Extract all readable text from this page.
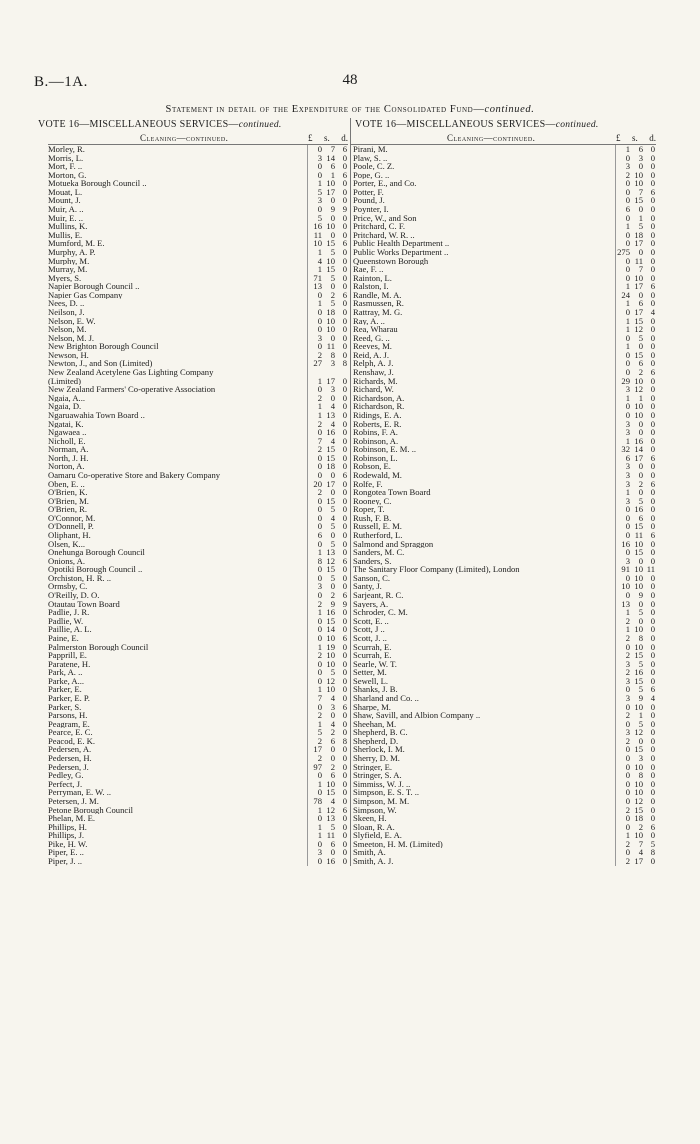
B.—1A.	48
Statement in detail of the Expenditure of the Consolidated Fund—continued.
VOTE 16—MISCELLANEOUS SERVICES—continued.
Cleaning—continued.	£ s. d.
Morley, R.	0	7 6
Morris, L.	3 14 0
Mort, F. ..	0	6 0
Morton, G.	0	1 6
Motueka Borough Council ..	1 10 0
Mouat, L.	5 17 0
Mount, J.	3	0 0
Muir, A. ..	0	9 9
Muir, E. ..	5	0 0
Mullins, K.	16 10 0
Mullis, E.	11	0 0
Mumford, M. E.	10 15 6
Murphy, A. P.	1	5 0
Murphy, M.	4 10 0
Murray, M.	1 15 0
Myers, S.	71	5 0
Napier Borough Council ..	13	0 0
Napier Gas Company	0	2 6
Nees, D. ..	1	5 0
Neilson, J.	0 18 0
Nelson, E. W.	0 10 0
Nelson, M.	0 10 0
Nelson, M. J.	3	0 0
New Brighton Borough Council	0 11 0
Newson, H.	2	8 0
Newton, J., and Son (Limited)	27	3 8
New Zealand Acetylene Gas Lighting Company
(Limited)	1 17 0
New Zealand Farmers' Co-operative Association	0	3 0
Ngaia, A...	2	0 0
Ngaia, D.	1	4 0
Ngaruawahia Town Board ..	1 13 0
Ngatai, K.	2	4 0
Ngawaea ..	0 16 0
Nicholl, E.	7	4 0
Norman, A.	2 15 0
North, J. H.	0 15 0
Norton, A.	0 18 0
Oamaru Co-operative Store and Bakery Company	0	0 6
Oben, E. ..	20 17 0
O'Brien, K.	2	0 0
O'Brien, M.	0 15 0
O'Brien, R.	0	5 0
O'Connor, M.	0	4 0
O'Donnell, P.	0	5 0
Oliphant, H.	6	0 0
Olsen, K...	0	5 0
Onehunga Borough Council	1 13 0
Onions, A.	8 12 6
Opotiki Borough Council ..	0 15 0
Orchiston, H. R. ..	0	5 0
Ormsby, C.	3	0 0
O'Reilly, D. O.	0	2 6
Otautau Town Board	2	9 9
Padlie, J. R.	1 16 0
Padlie, W.	0 15 0
Paillie, A. L.	0 14 0
Paine, E.	0 10 6
Palmerston Borough Council	1 19 0
Papprill, E.	2 10 0
Paratene, H.	0 10 0
Park, A. ..	0	5 0
Parke, A...	0 12 0
Parker, E.	1 10 0
Parker, E. P.	7	4 0
Parker, S.	0	3 6
Parsons, H.	2	0 0
Peagram, E.	1	4 0
Pearce, E. C.	5	2 0
Peacod, E. K.	2	6 8
Pedersen, A.	17	0 0
Pedersen, H.	2	0 0
Pedersen, J.	97	2 0
Pedley, G.	0	6 0
Perfect, J.	1 10 0
Perryman, E. W. ..	0 15 0
Petersen, J. M.	78	4 0
Petone Borough Council	1 12 6
Phelan, M. E.	0 13 0
Phillips, H.	1	5 0
Phillips, J.	1 11 0
Pike, H. W.	0	6 0
Piper, E. ..	3	0 0
Piper, J. ..	0 16 0
VOTE 16—MISCELLANEOUS SERVICES—continued.
Cleaning—continued.	£ s. d.
Pirani, M.	1	6 0
Plaw, S. ..	0	3 0
Poole, C. Z.	3	0 0
Pope, G. ..	2 10 0
Porter, E., and Co.	0 10 0
Potter, F.	0	7 6
Pound, J.	0 15 0
Poynter, I.	6	0 0
Price, W., and Son	0	1 0
Pritchard, C. F.	1	5 0
Pritchard, W. R. ..	0 18 0
Public Health Department ..	0 17 0
Public Works Department ..	275	0 0
Queenstown Borough	0 11 0
Rae, F. ..	0	7 0
Rainton, L.	0 10 0
Ralston, I.	1 17 6
Randle, M. A.	24	0 0
Rasmussen, R.	1	6 0
Rattray, M. G.	0 17 4
Ray, A. ..	1 15 0
Rea, Wharau	1 12 0
Reed, G. ..	0	5 0
Reeves, M.	1	0 0
Reid, A. J.	0 15 0
Relph, A. J.	0	6 0
Renshaw, J.	0	2 6
Richards, M.	29 10 0
Richard, W.	3 12 0
Richardson, A.	1	1 0
Richardson, R.	0 10 0
Ridings, E. A.	0 10 0
Roberts, E. R.	3	0 0
Robins, F. A.	3	0 0
Robinson, A.	1 16 0
Robinson, E. M. ..	32 14 0
Robinson, L.	6 17 6
Robson, E.	3	0 0
Rodewald, M.	3	0 0
Rolfe, F.	3	2 6
Rongotea Town Board	1	0 0
Rooney, C.	3	5 0
Roper, T.	0 16 0
Rush, F. B.	0	6 0
Russell, E. M.	0 15 0
Rutherford, L.	0 11 6
Salmond and Spraggon	16 10 0
Sanders, M. C.	0 15 0
Sanders, S.	3	0 0
The Sanitary Floor Company (Limited), London	91 10 11
Sanson, C.	0 10 0
Santy, J.	10 10 0
Sarjeant, R. C.	0	9 0
Sayers, A.	13	0 0
Schroder, C. M.	1	5 0
Scott, E. ..	2	0 0
Scott, J ..	1 10 0
Scott, J. ..	2	8 0
Scurrah, E.	0 10 0
Scurrah, E.	2 15 0
Searle, W. T.	3	5 0
Setter, M.	2 16 0
Sewell, L.	3 15 0
Shanks, J. B.	0	5 6
Sharland and Co. ..	3	9 4
Sharpe, M.	0 10 0
Shaw, Savill, and Albion Company ..	2	1 0
Sheehan, M.	0	5 0
Shepherd, B. C.	3 12 0
Shepherd, D.	2	0 0
Sherlock, I. M.	0 15 0
Sherry, D. M.	0	3 0
Stringer, E.	0 10 0
Stringer, S. A.	0	8 0
Simmiss, W. J. ..	0 10 0
Simpson, E. S. T. ..	0 10 0
Simpson, M. M.	0 12 0
Simpson, W.	2 15 0
Skeen, H.	0 18 0
Sloan, R. A.	0	2 6
Slyfield, E. A.	1 10 0
Smeeton, H. M. (Limited)	2	7 5
Smith, A.	0	4 8
Smith, A. J.	2 17 0
